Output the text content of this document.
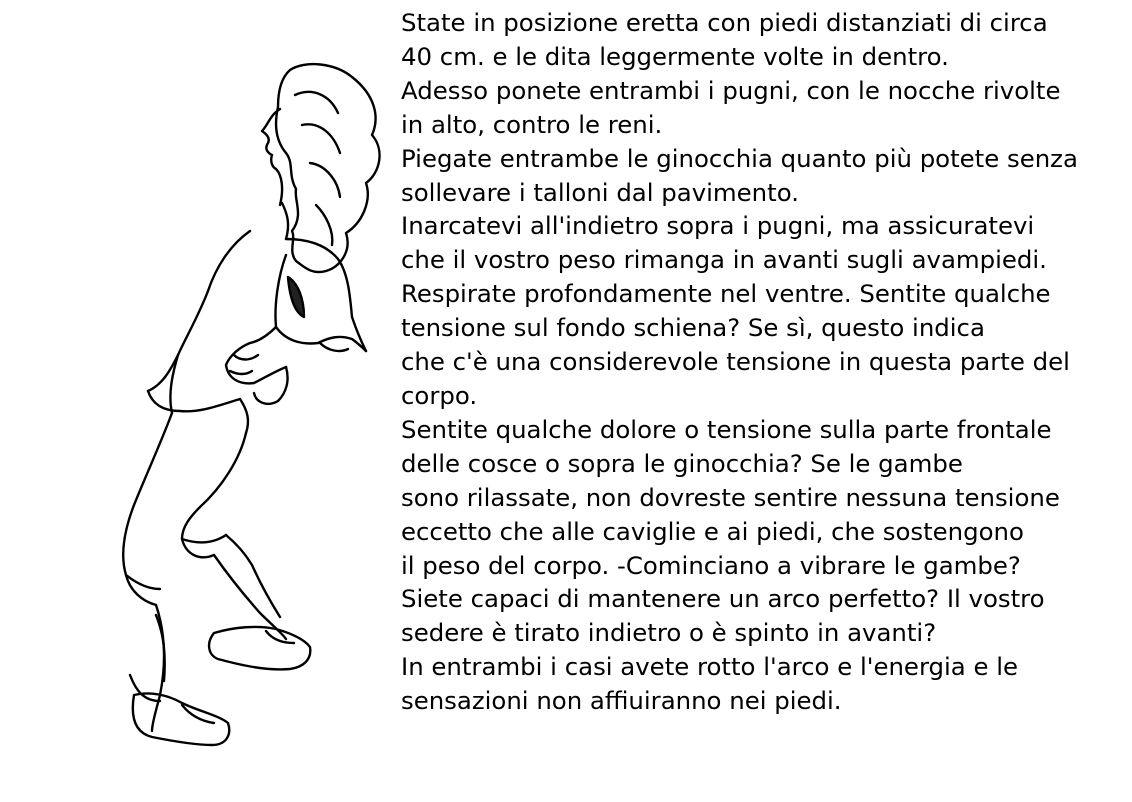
State in posizione eretta con piedi distanziati di circa
40 cm. e le dita leggermente volte in dentro.
Adesso ponete entrambi i pugni, con le nocche rivolte
in alto, contro le reni.
Piegate entrambe le ginocchia quanto più potete senza
sollevare i talloni dal pavimento.
Inarcatevi all'indietro sopra i pugni, ma assicuratevi
che il vostro peso rimanga in avanti sugli avampiedi.
Respirate profondamente nel ventre. Sentite qualche
tensione sul fondo schiena? Se sì, questo indica
che c'è una considerevole tensione in questa parte del
corpo.
Sentite qualche dolore o tensione sulla parte frontale
delle cosce o sopra le ginocchia? Se le gambe
sono rilassate, non dovreste sentire nessuna tensione
eccetto che alle caviglie e ai piedi, che sostengono
il peso del corpo. -Cominciano a vibrare le gambe?
Siete capaci di mantenere un arco perfetto? Il vostro
sedere è tirato indietro o è spinto in avanti?
In entrambi i casi avete rotto l'arco e l'energia e le
sensazioni non affiuiranno nei piedi.
